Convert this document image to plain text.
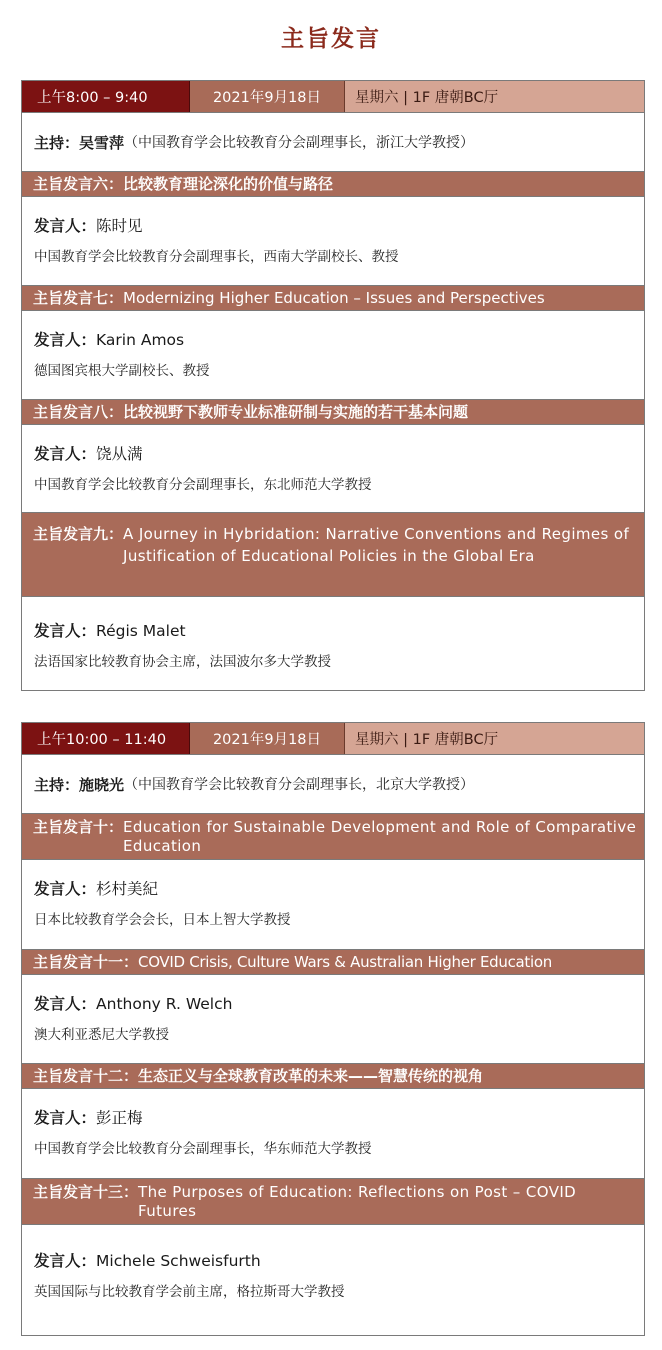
主旨发言
上午8:00 – 9:40	2021年9月18日	星期六 | 1F 唐朝BC厅
主持： 吴雪萍 （中国教育学会比较教育分会副理事长，浙江大学教授）
主旨发言六： 比较教育理论深化的价值与路径
发言人：陈时见
中国教育学会比较教育分会副理事长，西南大学副校长、教授
主旨发言七： Modernizing Higher Education – Issues and Perspectives
发言人：Karin Amos
德国图宾根大学副校长、教授
主旨发言八： 比较视野下教师专业标准研制与实施的若干基本问题
发言人：饶从满
中国教育学会比较教育分会副理事长，东北师范大学教授
主旨发言九： A Journey in Hybridation: Narrative Conventions and Regimes of Justification of Educational Policies in the Global Era
发言人：Régis Malet
法语国家比较教育协会主席，法国波尔多大学教授
上午10:00 – 11:40	2021年9月18日	星期六 | 1F 唐朝BC厅
主持： 施晓光 （中国教育学会比较教育分会副理事长，北京大学教授）
主旨发言十： Education for Sustainable Development and Role of Comparative Education
发言人：杉村美紀
日本比较教育学会会长，日本上智大学教授
主旨发言十一： COVID Crisis, Culture Wars & Australian Higher Education
发言人：Anthony R. Welch
澳大利亚悉尼大学教授
主旨发言十二： 生态正义与全球教育改革的未来——智慧传统的视角
发言人：彭正梅
中国教育学会比较教育分会副理事长，华东师范大学教授
主旨发言十三： The Purposes of Education: Reflections on Post – COVID Futures
发言人：Michele Schweisfurth
英国国际与比较教育学会前主席，格拉斯哥大学教授
